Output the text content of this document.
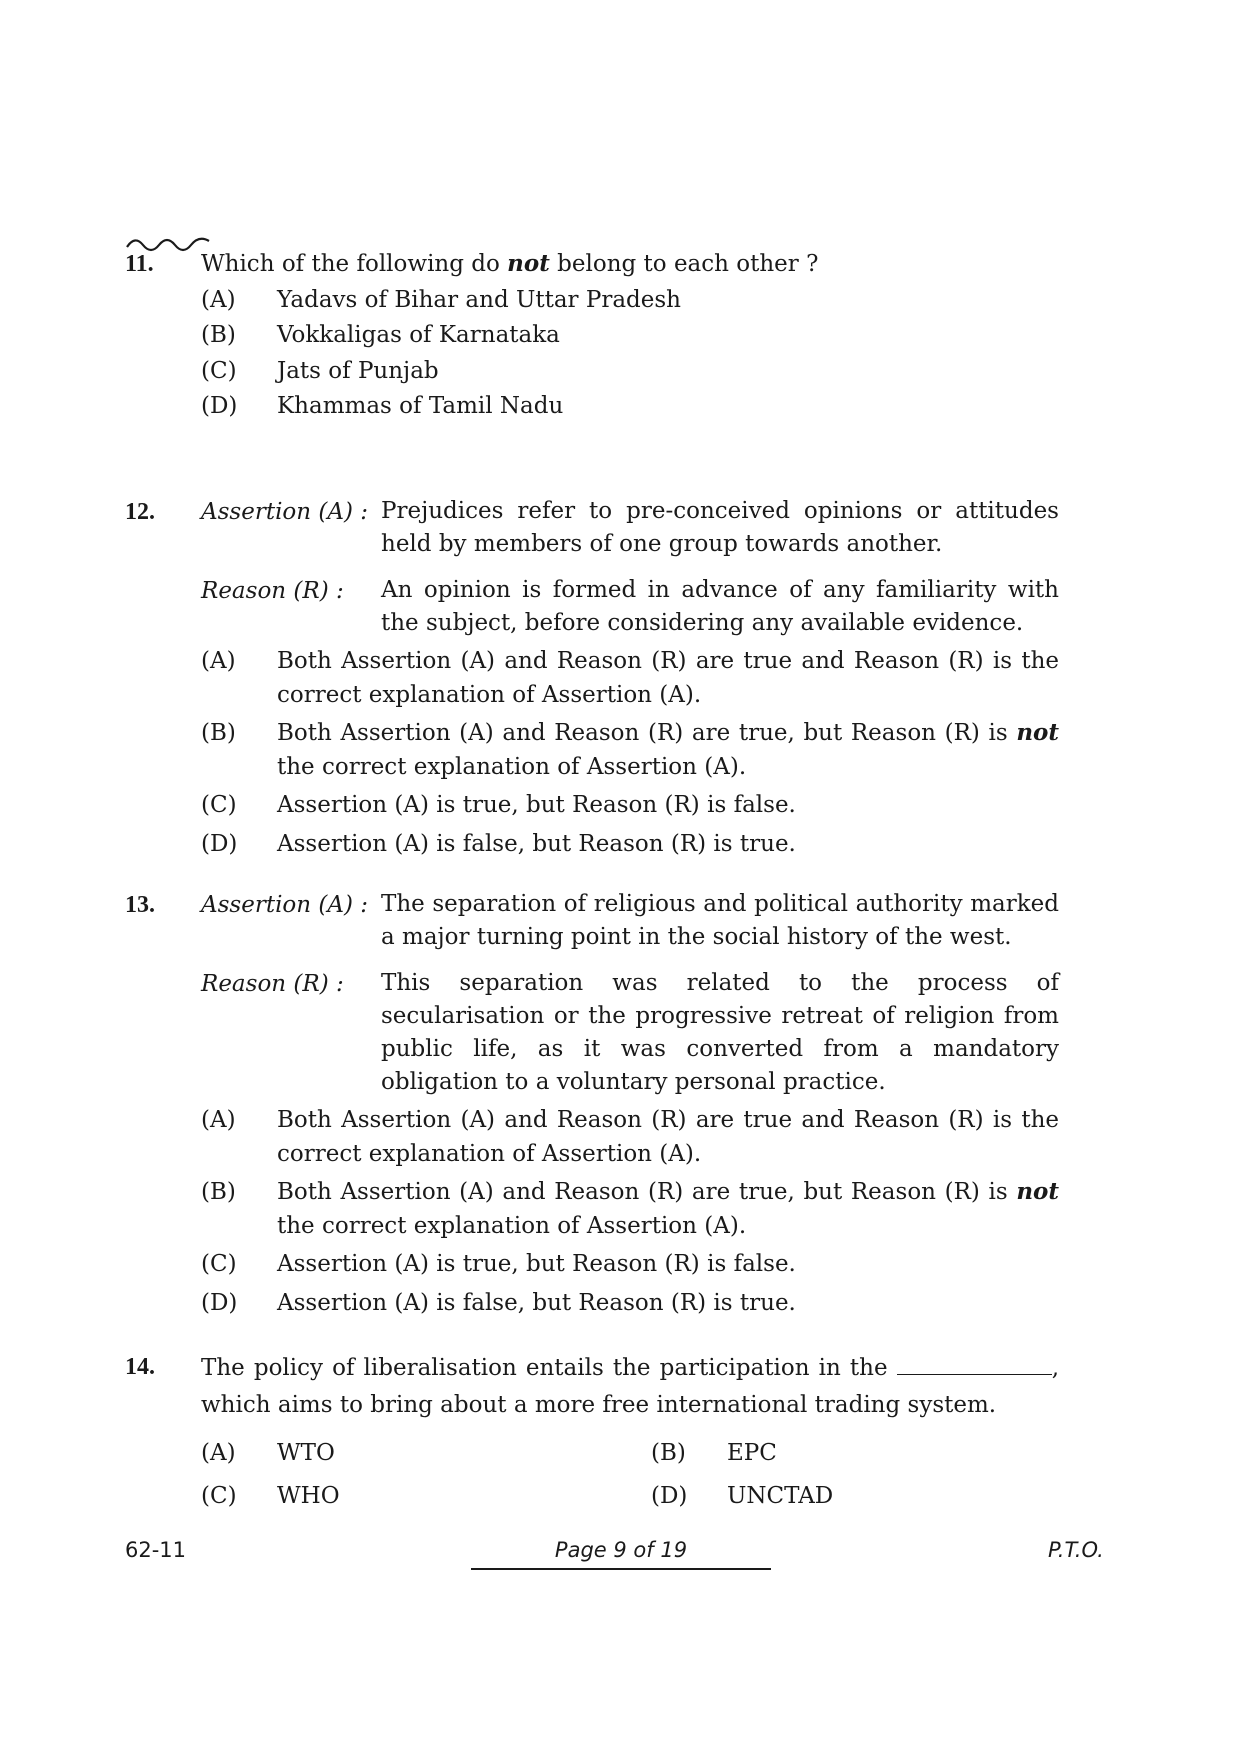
11. Which of the following do not belong to each other ?
(A) Yadavs of Bihar and Uttar Pradesh
(B) Vokkaligas of Karnataka
(C) Jats of Punjab
(D) Khammas of Tamil Nadu
12. Assertion (A) : Prejudices refer to pre-conceived opinions or attitudes
held by members of one group towards another.
Reason (R) : An opinion is formed in advance of any familiarity with
the subject, before considering any available evidence.
(A) Both Assertion (A) and Reason (R) are true and Reason (R) is the
correct explanation of Assertion (A).
(B) Both Assertion (A) and Reason (R) are true, but Reason (R) is not
the correct explanation of Assertion (A).
(C) Assertion (A) is true, but Reason (R) is false.
(D) Assertion (A) is false, but Reason (R) is true.
13. Assertion (A) : The separation of religious and political authority marked
a major turning point in the social history of the west.
Reason (R) : This separation was related to the process of
secularisation or the progressive retreat of religion from
public life, as it was converted from a mandatory
obligation to a voluntary personal practice.
(A) Both Assertion (A) and Reason (R) are true and Reason (R) is the
correct explanation of Assertion (A).
(B) Both Assertion (A) and Reason (R) are true, but Reason (R) is not
the correct explanation of Assertion (A).
(C) Assertion (A) is true, but Reason (R) is false.
(D) Assertion (A) is false, but Reason (R) is true.
14. The policy of liberalisation entails the participation in the	,
which aims to bring about a more free international trading system.
(A) WTO	(B) EPC
(C) WHO	(D) UNCTAD
62-11	Page 9 of 19	P.T.O.
